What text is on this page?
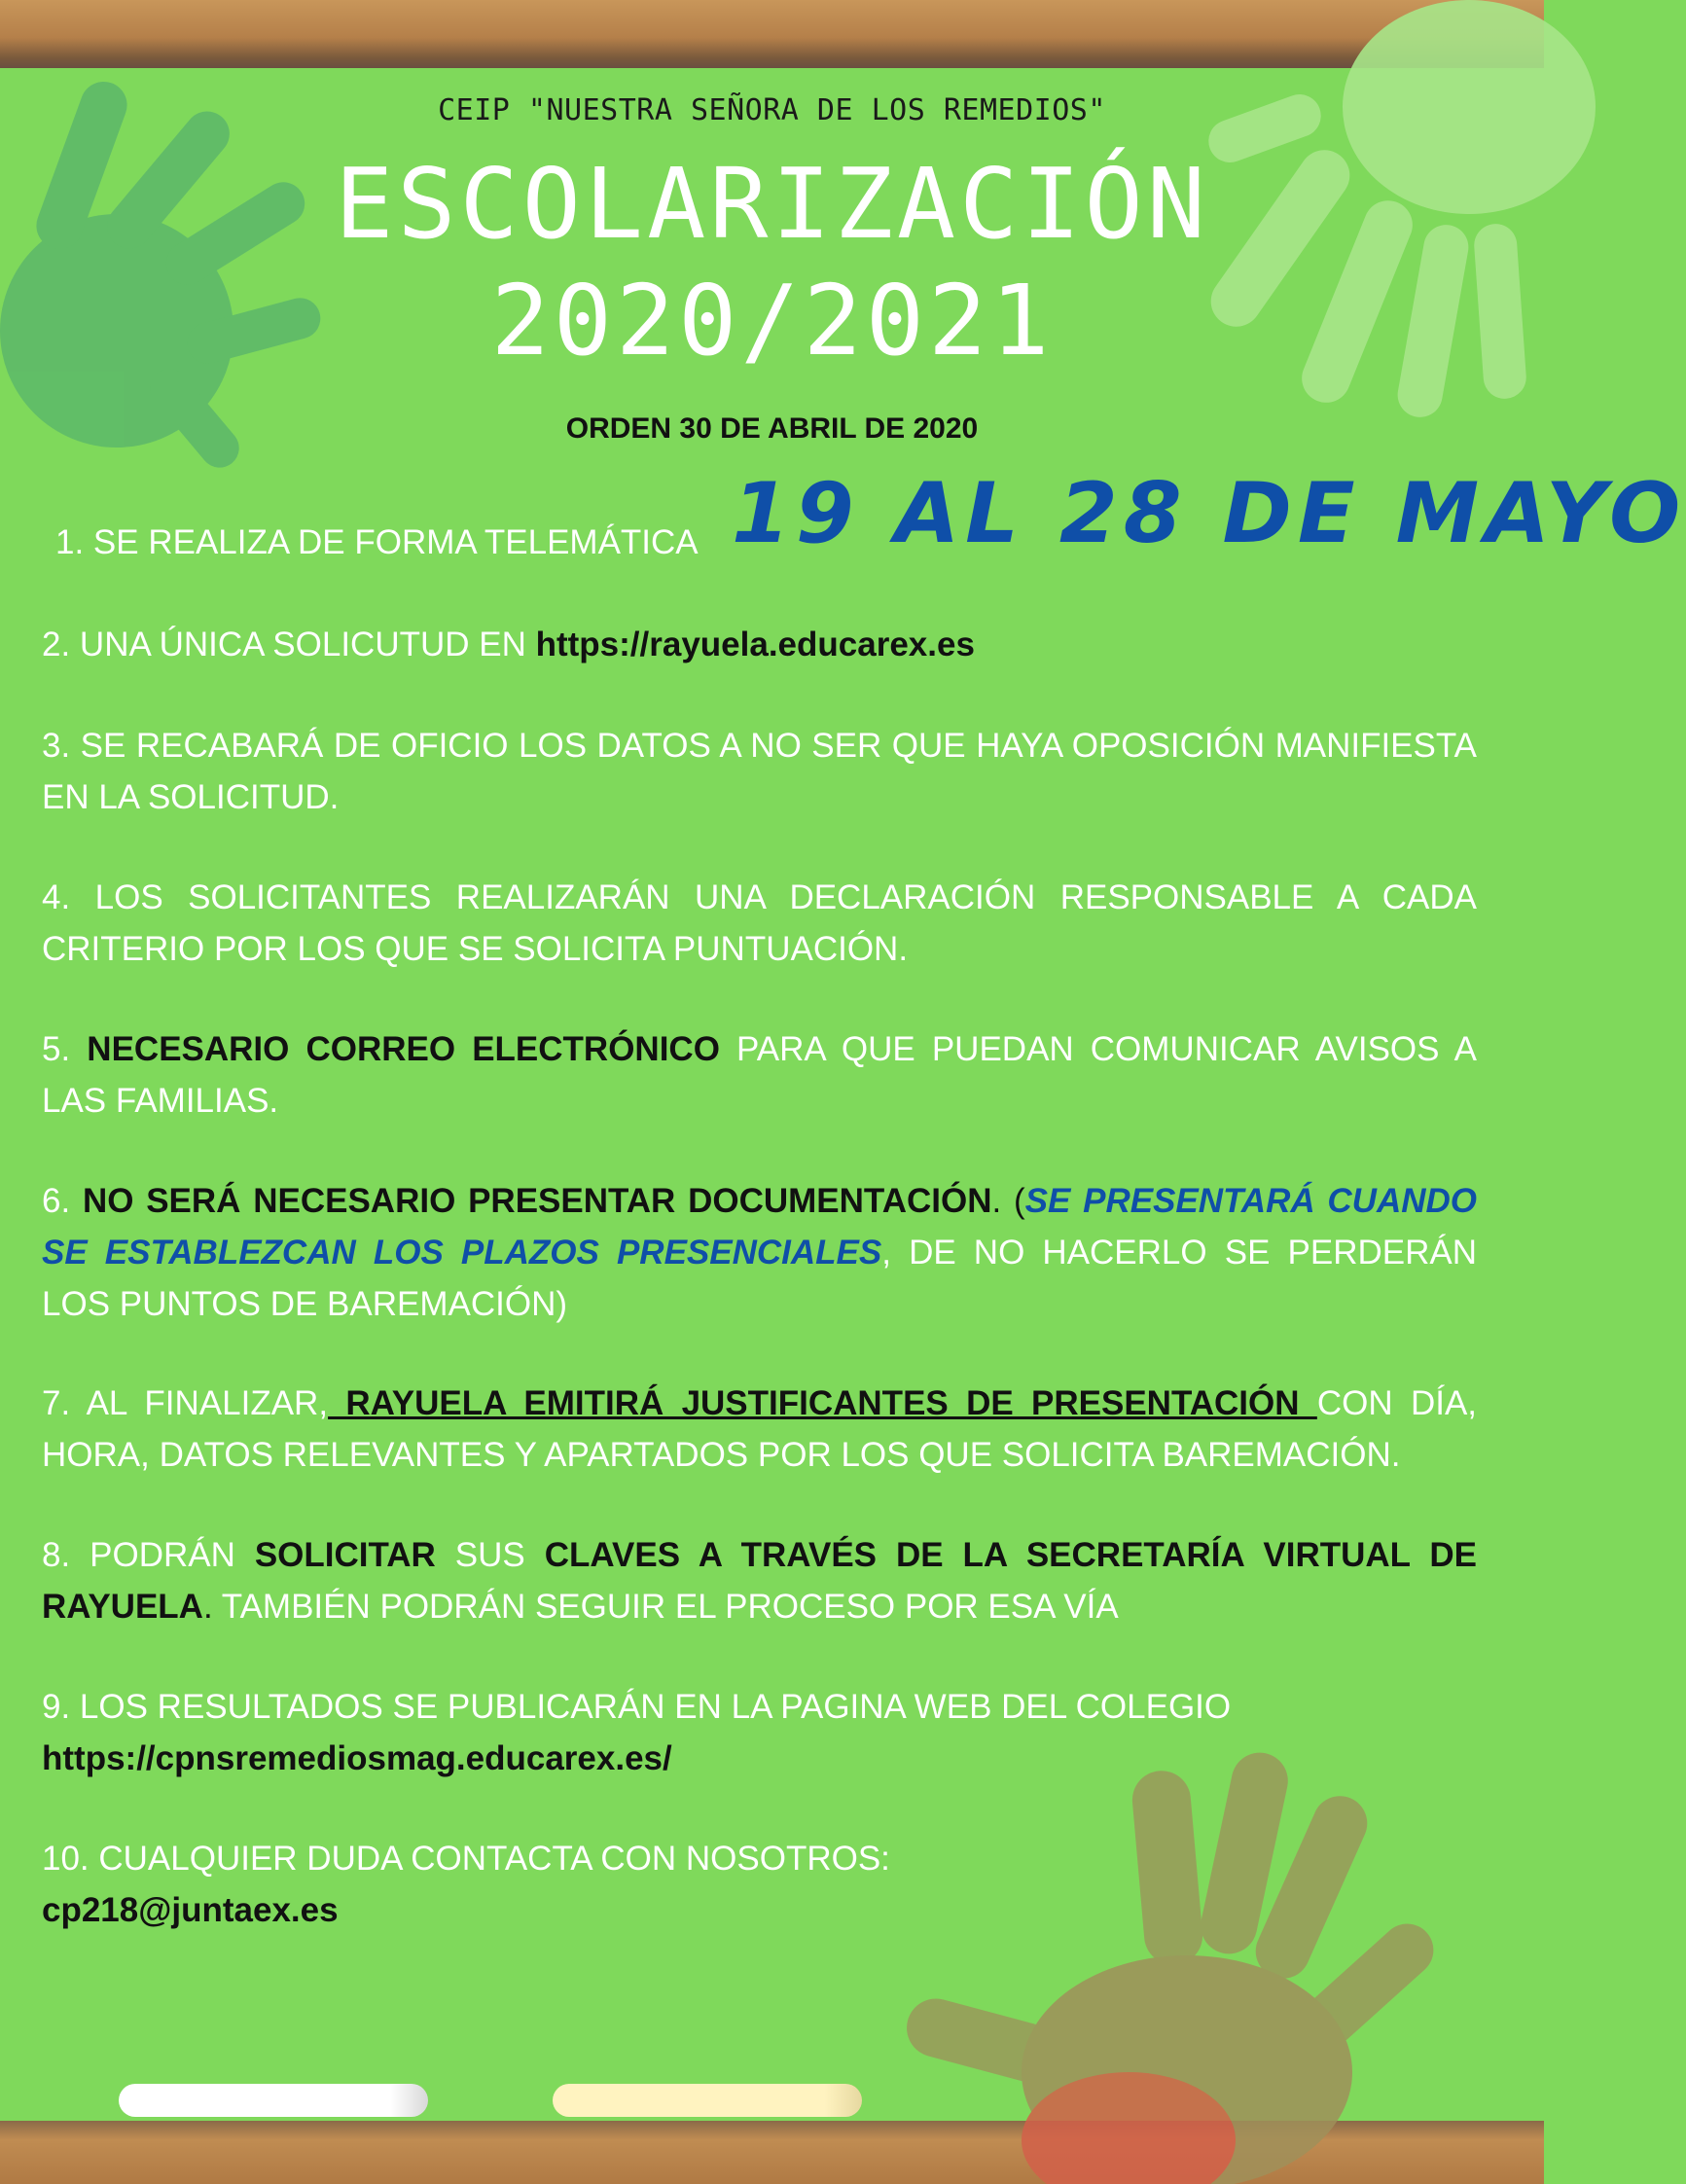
CEIP "NUESTRA SEÑORA DE LOS REMEDIOS"
ESCOLARIZACIÓN
2020/2021
ORDEN 30 DE ABRIL DE 2020
19 AL 28 DE MAYO
1. SE REALIZA DE FORMA TELEMÁTICA
2. UNA ÚNICA SOLICUTUD EN https://rayuela.educarex.es
3. SE RECABARÁ DE OFICIO LOS DATOS A NO SER QUE HAYA OPOSICIÓN MANIFIESTA EN LA SOLICITUD.
4. LOS SOLICITANTES REALIZARÁN UNA DECLARACIÓN RESPONSABLE A CADA CRITERIO POR LOS QUE SE SOLICITA PUNTUACIÓN.
5. NECESARIO CORREO ELECTRÓNICO PARA QUE PUEDAN COMUNICAR AVISOS A LAS FAMILIAS.
6. NO SERÁ NECESARIO PRESENTAR DOCUMENTACIÓN. (SE PRESENTARÁ CUANDO SE ESTABLEZCAN LOS PLAZOS PRESENCIALES, DE NO HACERLO SE PERDERÁN LOS PUNTOS DE BAREMACIÓN)
7. AL FINALIZAR, RAYUELA EMITIRÁ JUSTIFICANTES DE PRESENTACIÓN CON DÍA, HORA, DATOS RELEVANTES Y APARTADOS POR LOS QUE SOLICITA BAREMACIÓN.
8. PODRÁN SOLICITAR SUS CLAVES A TRAVÉS DE LA SECRETARÍA VIRTUAL DE RAYUELA. TAMBIÉN PODRÁN SEGUIR EL PROCESO POR ESA VÍA
9. LOS RESULTADOS SE PUBLICARÁN EN LA PAGINA WEB DEL COLEGIO
https://cpnsremediosmag.educarex.es/
10. CUALQUIER DUDA CONTACTA CON NOSOTROS:
cp218@juntaex.es
